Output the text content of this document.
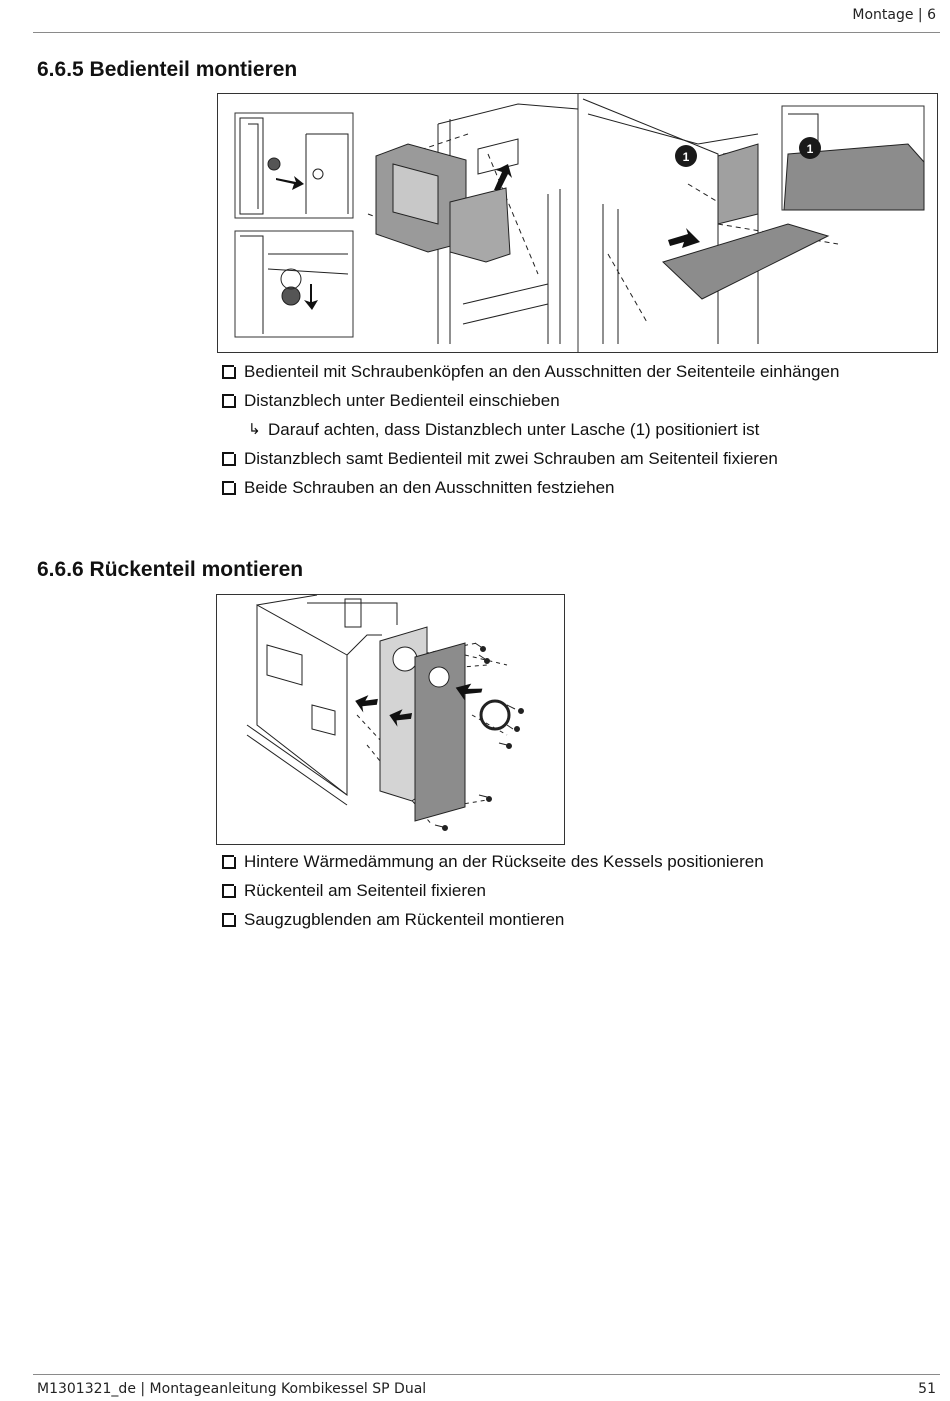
Montage | 6
6.6.5 Bedienteil montieren
1
1
Bedienteil mit Schraubenköpfen an den Ausschnitten der Seitenteile einhängen
Distanzblech unter Bedienteil einschieben
↳ Darauf achten, dass Distanzblech unter Lasche (1) positioniert ist
Distanzblech samt Bedienteil mit zwei Schrauben am Seitenteil fixieren
Beide Schrauben an den Ausschnitten festziehen
6.6.6 Rückenteil montieren
Hintere Wärmedämmung an der Rückseite des Kessels positionieren
Rückenteil am Seitenteil fixieren
Saugzugblenden am Rückenteil montieren
M1301321_de | Montageanleitung Kombikessel SP Dual	51
